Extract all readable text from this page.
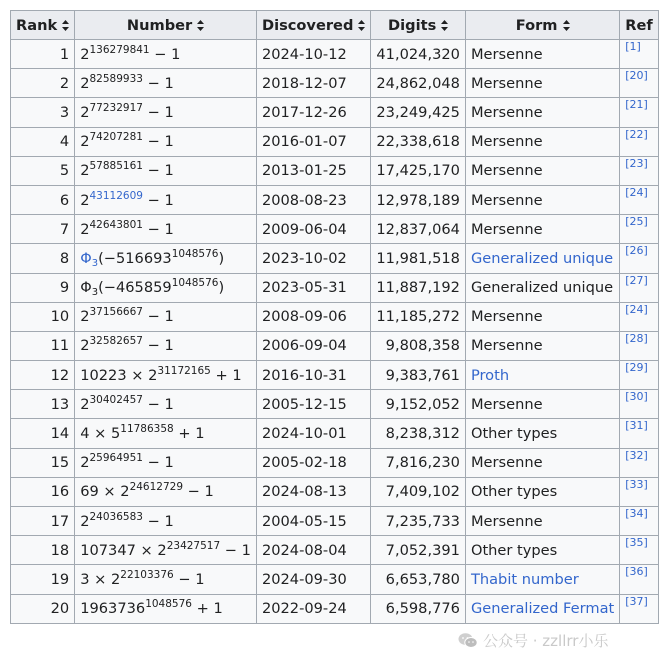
Rank	Number	Discovered	Digits	Form	Ref
1	$2^{136279841} - 1$	2024-10-12	41,024,320	Mersenne	[1]
2	$2^{82589933} - 1$	2018-12-07	24,862,048	Mersenne	[20]
3	$2^{77232917} - 1$	2017-12-26	23,249,425	Mersenne	[21]
4	$2^{74207281} - 1$	2016-01-07	22,338,618	Mersenne	[22]
5	$2^{57885161} - 1$	2013-01-25	17,425,170	Mersenne	[23]
6	$2^{43112609} - 1$	2008-08-23	12,978,189	Mersenne	[24]
7	$2^{42643801} - 1$	2009-06-04	12,837,064	Mersenne	[25]
8	$\Phi_3(-516693^{1048576})$	2023-10-02	11,981,518	Generalized unique	[26]
9	$\Phi_3(-465859^{1048576})$	2023-05-31	11,887,192	Generalized unique	[27]
10	$2^{37156667} - 1$	2008-09-06	11,185,272	Mersenne	[24]
11	$2^{32582657} - 1$	2006-09-04	9,808,358	Mersenne	[28]
12	$10223 \times 2^{31172165} + 1$	2016-10-31	9,383,761	Proth	[29]
13	$2^{30402457} - 1$	2005-12-15	9,152,052	Mersenne	[30]
14	$4 \times 5^{11786358} + 1$	2024-10-01	8,238,312	Other types	[31]
15	$2^{25964951} - 1$	2005-02-18	7,816,230	Mersenne	[32]
16	$69 \times 2^{24612729} - 1$	2024-08-13	7,409,102	Other types	[33]
17	$2^{24036583} - 1$	2004-05-15	7,235,733	Mersenne	[34]
18	$107347 \times 2^{23427517} - 1$	2024-08-04	7,052,391	Other types	[35]
19	$3 \times 2^{22103376} - 1$	2024-09-30	6,653,780	Thabit number	[36]
20	$1963736^{1048576} + 1$	2022-09-24	6,598,776	Generalized Fermat	[37]
公众号 · zzllrr小乐
